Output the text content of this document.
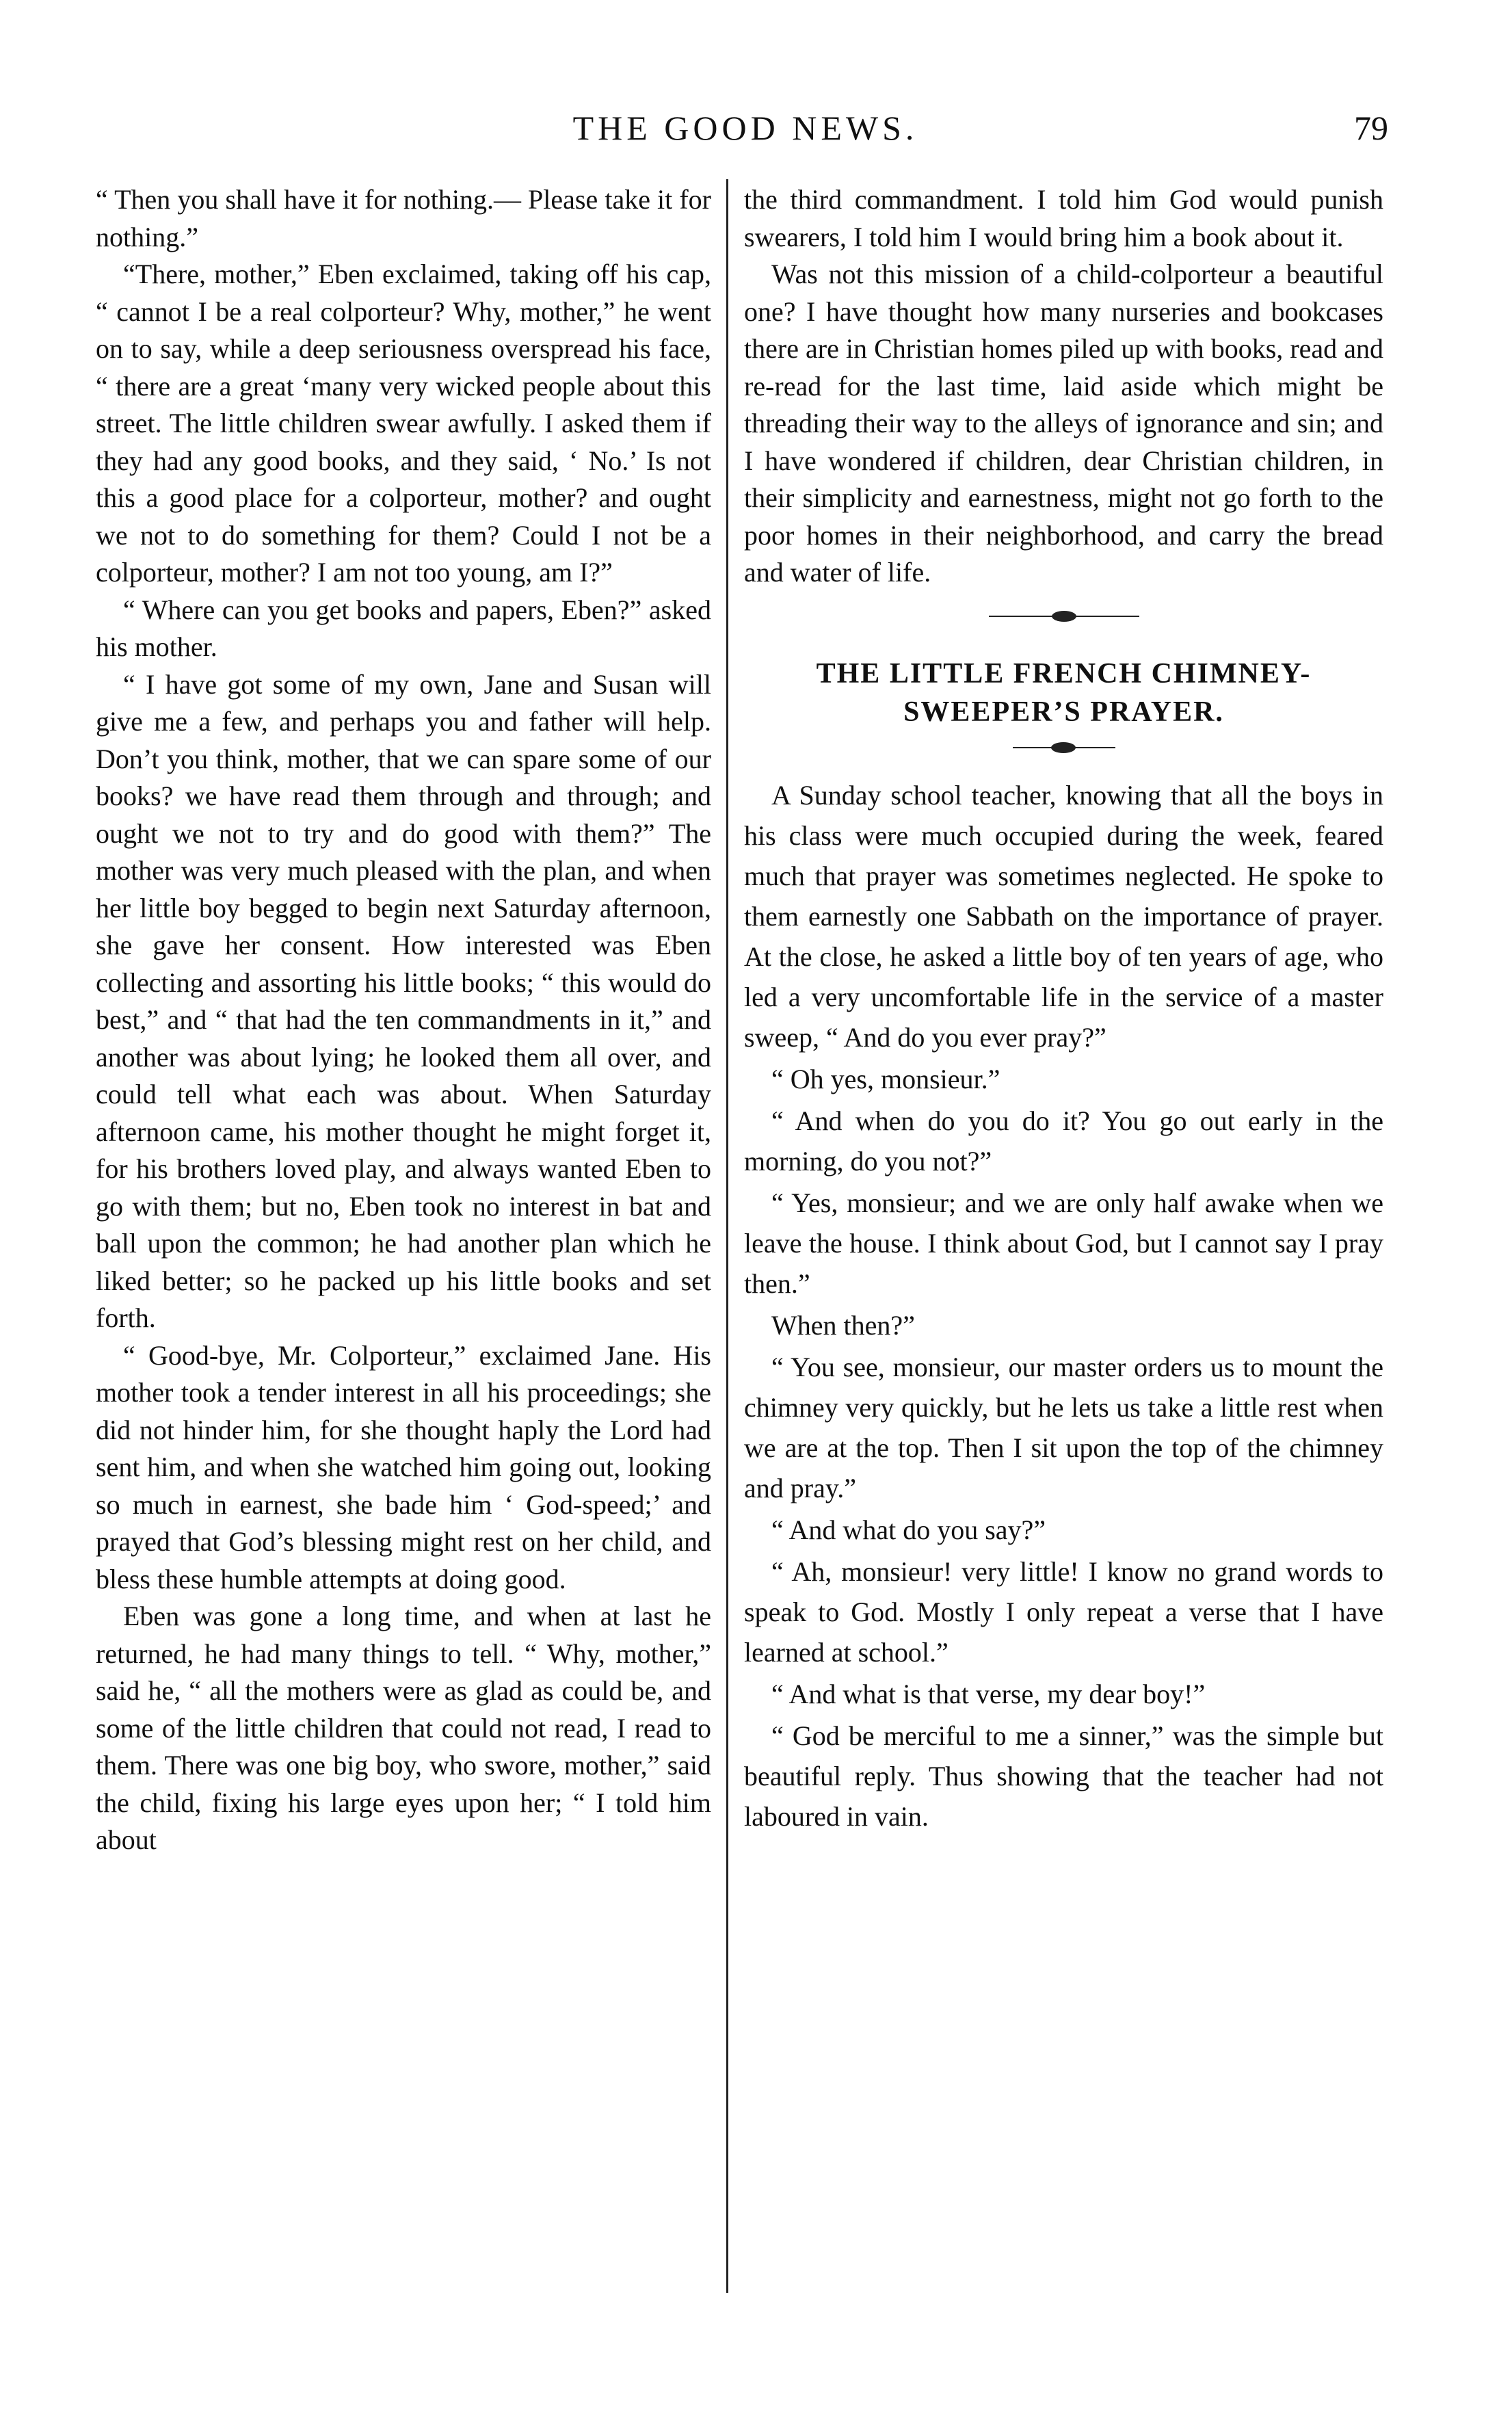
THE GOOD NEWS.	79

“ Then you shall have it for nothing.— Please take it for nothing.”

“There, mother,” Eben exclaimed, taking off his cap, “ cannot I be a real colporteur? Why, mother,” he went on to say, while a deep seriousness overspread his face, “ there are a great ‘many very wicked people about this street. The little children swear awfully. I asked them if they had any good books, and they said, ‘ No.’ Is not this a good place for a colporteur, mother? and ought we not to do something for them? Could I not be a colporteur, mother? I am not too young, am I?”

“ Where can you get books and papers, Eben?” asked his mother.

“ I have got some of my own, Jane and Susan will give me a few, and perhaps you and father will help. Don’t you think, mother, that we can spare some of our books? we have read them through and through; and ought we not to try and do good with them?” The mother was very much pleased with the plan, and when her little boy begged to begin next Saturday afternoon, she gave her consent. How interested was Eben collecting and assorting his little books; “ this would do best,” and “ that had the ten commandments in it,” and another was about lying; he looked them all over, and could tell what each was about. When Saturday afternoon came, his mother thought he might forget it, for his brothers loved play, and always wanted Eben to go with them; but no, Eben took no interest in bat and ball upon the common; he had another plan which he liked better; so he packed up his little books and set forth.

“ Good-bye, Mr. Colporteur,” exclaimed Jane. His mother took a tender interest in all his proceedings; she did not hinder him, for she thought haply the Lord had sent him, and when she watched him going out, looking so much in earnest, she bade him ‘ God-speed;’ and prayed that God’s blessing might rest on her child, and bless these humble attempts at doing good.

Eben was gone a long time, and when at last he returned, he had many things to tell. “ Why, mother,” said he, “ all the mothers were as glad as could be, and some of the little children that could not read, I read to them. There was one big boy, who swore, mother,” said the child, fixing his large eyes upon her; “ I told him about

the third commandment. I told him God would punish swearers, I told him I would bring him a book about it.

Was not this mission of a child-colporteur a beautiful one? I have thought how many nurseries and bookcases there are in Christian homes piled up with books, read and re-read for the last time, laid aside which might be threading their way to the alleys of ignorance and sin; and I have wondered if children, dear Christian children, in their simplicity and earnestness, might not go forth to the poor homes in their neighborhood, and carry the bread and water of life.

THE LITTLE FRENCH CHIMNEY-SWEEPER’S PRAYER.

A Sunday school teacher, knowing that all the boys in his class were much occupied during the week, feared much that prayer was sometimes neglected. He spoke to them earnestly one Sabbath on the importance of prayer. At the close, he asked a little boy of ten years of age, who led a very uncomfortable life in the service of a master sweep, “ And do you ever pray?”

“ Oh yes, monsieur.”

“ And when do you do it? You go out early in the morning, do you not?”

“ Yes, monsieur; and we are only half awake when we leave the house. I think about God, but I cannot say I pray then.”

When then?”

“ You see, monsieur, our master orders us to mount the chimney very quickly, but he lets us take a little rest when we are at the top. Then I sit upon the top of the chimney and pray.”

“ And what do you say?”

“ Ah, monsieur! very little! I know no grand words to speak to God. Mostly I only repeat a verse that I have learned at school.”

“ And what is that verse, my dear boy!”

“ God be merciful to me a sinner,” was the simple but beautiful reply. Thus showing that the teacher had not laboured in vain.
